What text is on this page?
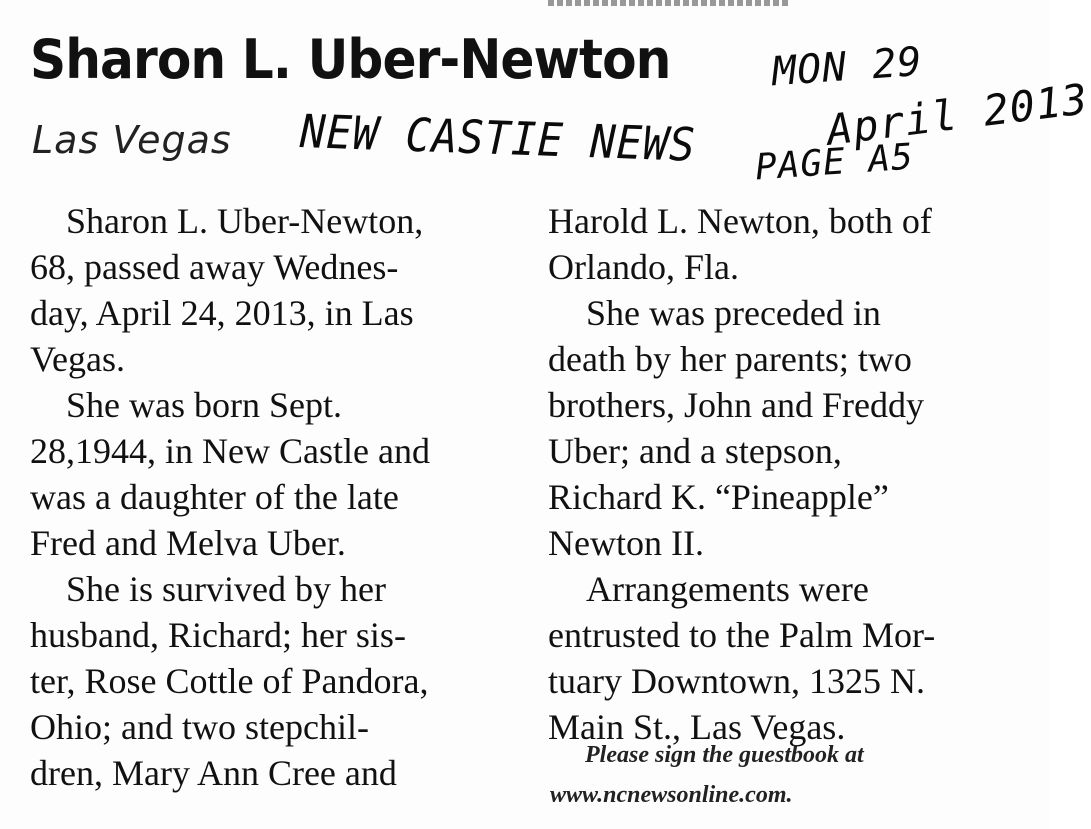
Sharon L. Uber-Newton

Las Vegas

MON 29

NEW CASTIE NEWS	April 2013

PAGE A5

Sharon L. Uber-Newton,
68, passed away Wednes-
day, April 24, 2013, in Las
Vegas.
She was born Sept.
28,1944, in New Castle and
was a daughter of the late
Fred and Melva Uber.
She is survived by her
husband, Richard; her sis-
ter, Rose Cottle of Pandora,
Ohio; and two stepchil-
dren, Mary Ann Cree and
Harold L. Newton, both of
Orlando, Fla.
She was preceded in
death by her parents; two
brothers, John and Freddy
Uber; and a stepson,
Richard K. “Pineapple”
Newton II.
Arrangements were
entrusted to the Palm Mor-
tuary Downtown, 1325 N.
Main St., Las Vegas.

Please sign the guestbook at

www.ncnewsonline.com.
